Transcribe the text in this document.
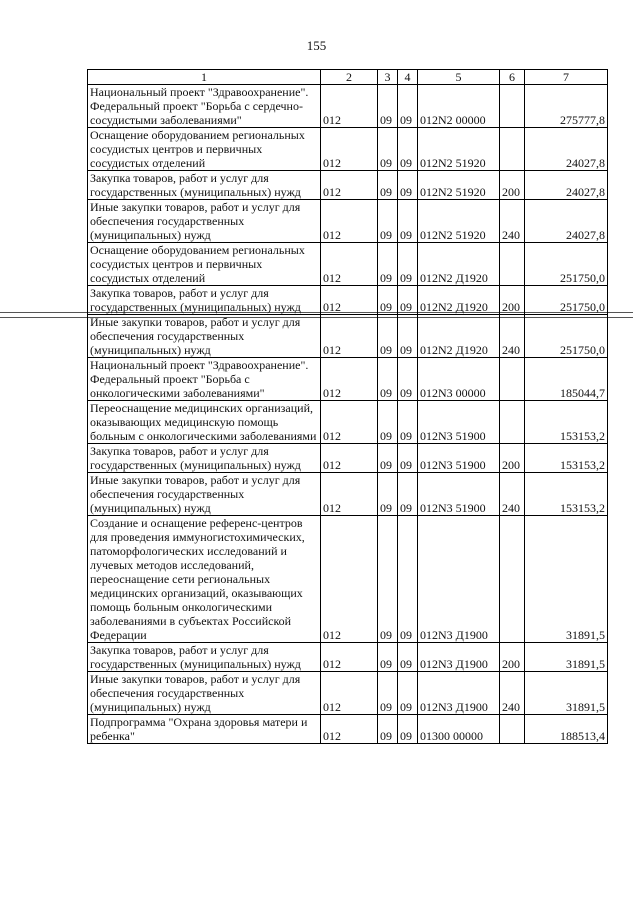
155
1	2	3	4	5	6	7
Национальный проект "Здравоохранение". Федеральный проект "Борьба с сердечно-сосудистыми заболеваниями"	012	09	09	012N2 00000		275777,8
Оснащение оборудованием региональных сосудистых центров и первичных сосудистых отделений	012	09	09	012N2 51920		24027,8
Закупка товаров, работ и услуг для государственных (муниципальных) нужд	012	09	09	012N2 51920	200	24027,8
Иные закупки товаров, работ и услуг для обеспечения государственных (муниципальных) нужд	012	09	09	012N2 51920	240	24027,8
Оснащение оборудованием региональных сосудистых центров и первичных сосудистых отделений	012	09	09	012N2 Д1920		251750,0
Закупка товаров, работ и услуг для государственных (муниципальных) нужд	012	09	09	012N2 Д1920	200	251750,0
Иные закупки товаров, работ и услуг для обеспечения государственных (муниципальных) нужд	012	09	09	012N2 Д1920	240	251750,0
Национальный проект "Здравоохранение". Федеральный проект "Борьба с онкологическими заболеваниями"	012	09	09	012N3 00000		185044,7
Переоснащение медицинских организаций, оказывающих медицинскую помощь больным с онкологическими заболеваниями	012	09	09	012N3 51900		153153,2
Закупка товаров, работ и услуг для государственных (муниципальных) нужд	012	09	09	012N3 51900	200	153153,2
Иные закупки товаров, работ и услуг для обеспечения государственных (муниципальных) нужд	012	09	09	012N3 51900	240	153153,2
Создание и оснащение референс-центров для проведения иммуногистохимических, патоморфологических исследований и лучевых методов исследований, переоснащение сети региональных медицинских организаций, оказывающих помощь больным онкологическими заболеваниями в субъектах Российской Федерации	012	09	09	012N3 Д1900		31891,5
Закупка товаров, работ и услуг для государственных (муниципальных) нужд	012	09	09	012N3 Д1900	200	31891,5
Иные закупки товаров, работ и услуг для обеспечения государственных (муниципальных) нужд	012	09	09	012N3 Д1900	240	31891,5
Подпрограмма "Охрана здоровья матери и ребенка"	012	09	09	01300 00000		188513,4
